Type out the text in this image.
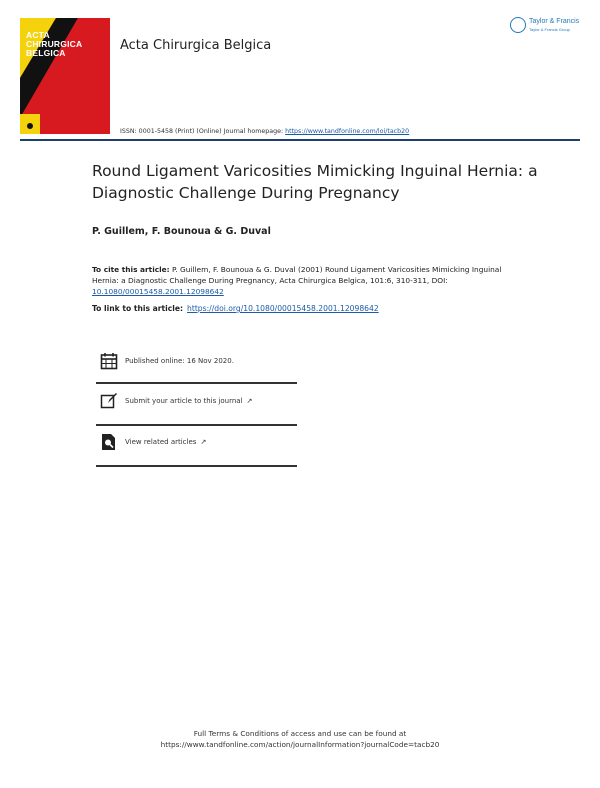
ACTA
CHIRURGICA
BELGICA	Acta Chirurgica Belgica
Taylor & Francis
Taylor & Francis Group
ISSN: 0001-5458 (Print) (Online) Journal homepage: https://www.tandfonline.com/loi/tacb20
Round Ligament Varicosities Mimicking Inguinal Hernia: a Diagnostic Challenge During Pregnancy
P. Guillem, F. Bounoua & G. Duval
To cite this article: P. Guillem, F. Bounoua & G. Duval (2001) Round Ligament Varicosities Mimicking Inguinal Hernia: a Diagnostic Challenge During Pregnancy, Acta Chirurgica Belgica, 101:6, 310-311, DOI: 10.1080/00015458.2001.12098642
To link to this article: https://doi.org/10.1080/00015458.2001.12098642
Published online: 16 Nov 2020.
Submit your article to this journal ↗
View related articles ↗
Full Terms & Conditions of access and use can be found at
https://www.tandfonline.com/action/journalInformation?journalCode=tacb20
